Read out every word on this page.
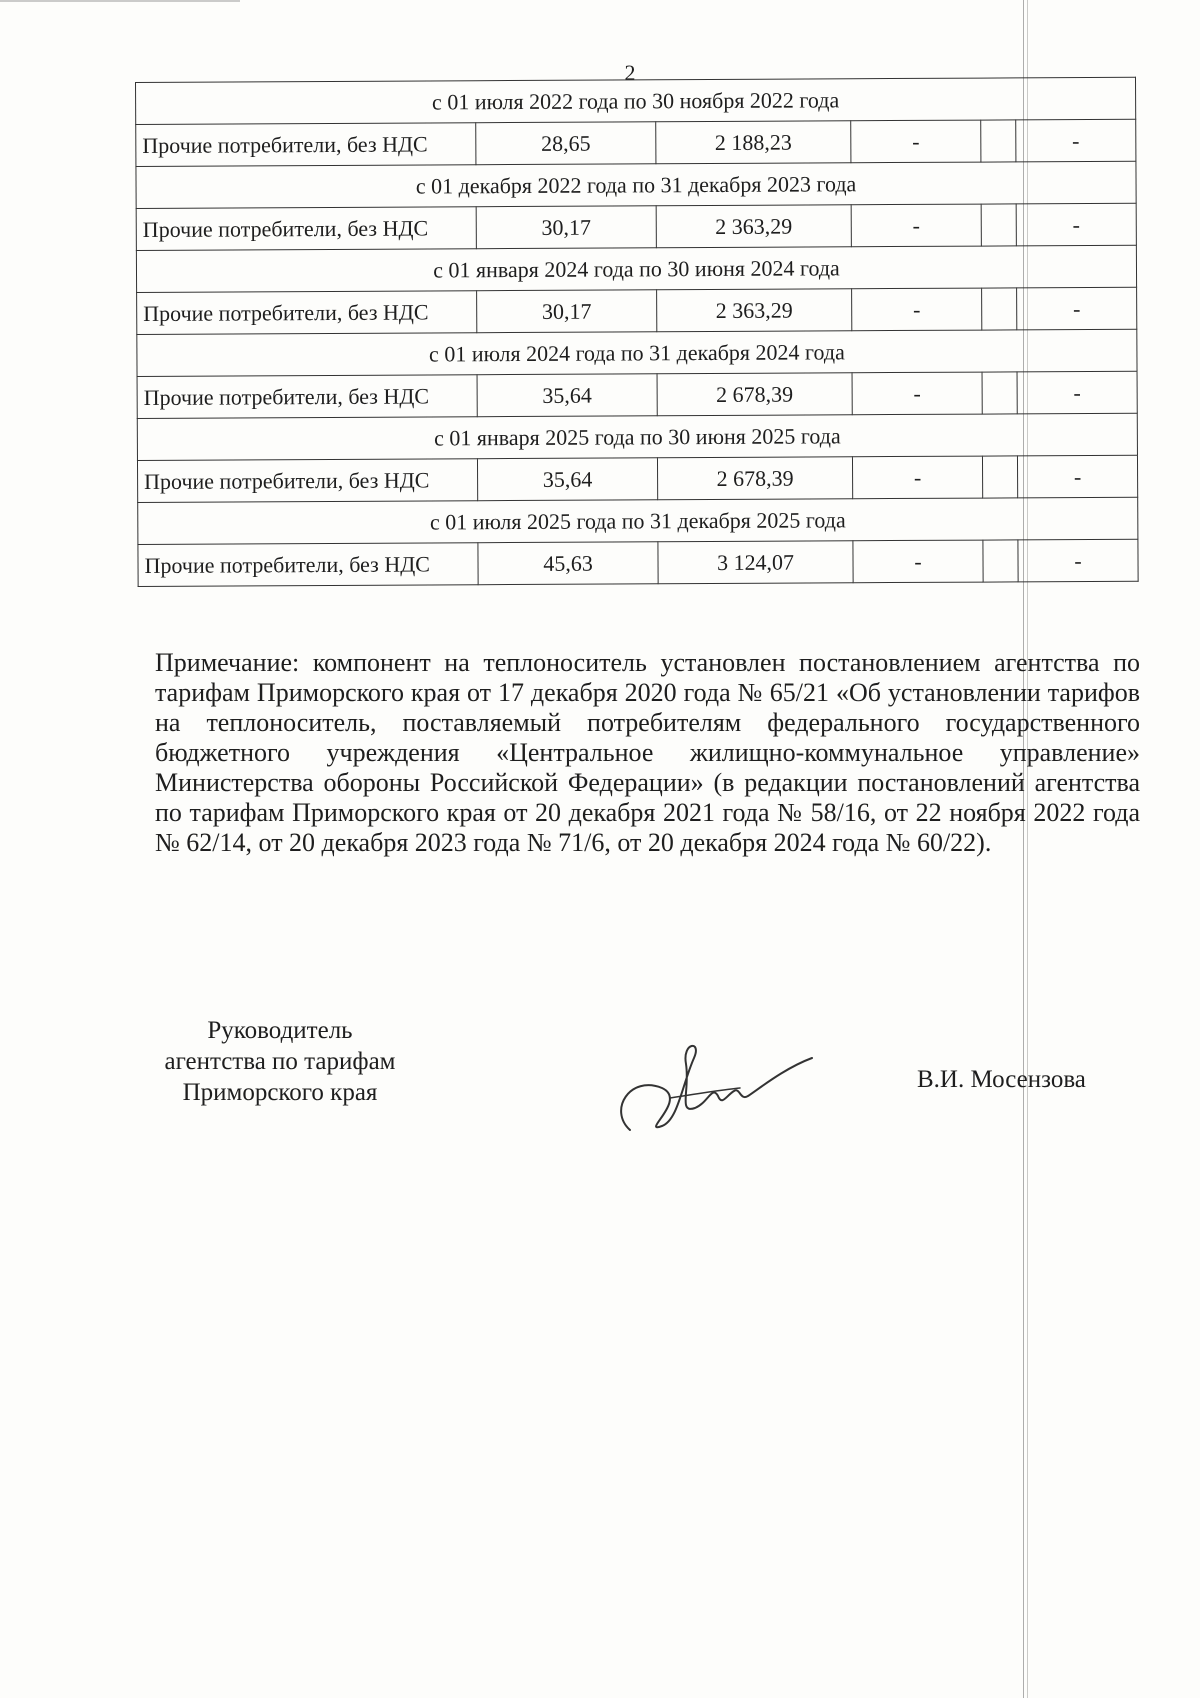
2
с 01 июля 2022 года по 30 ноября 2022 года					
Прочие потребители, без НДС	28,65	2 188,23	-		-
с 01 декабря 2022 года по 31 декабря 2023 года					
Прочие потребители, без НДС	30,17	2 363,29	-		-
с 01 января 2024 года по 30 июня 2024 года					
Прочие потребители, без НДС	30,17	2 363,29	-		-
с 01 июля 2024 года по 31 декабря 2024 года					
Прочие потребители, без НДС	35,64	2 678,39	-		-
с 01 января 2025 года по 30 июня 2025 года					
Прочие потребители, без НДС	35,64	2 678,39	-		-
с 01 июля 2025 года по 31 декабря 2025 года					
Прочие потребители, без НДС	45,63	3 124,07	-		-

Примечание: компонент на теплоноситель установлен постановлением агентства по тарифам Приморского края от 17 декабря 2020 года № 65/21 «Об установлении тарифов на теплоноситель, поставляемый потребителям федерального государственного бюджетного учреждения «Центральное жилищно-коммунальное управление» Министерства обороны Российской Федерации» (в редакции постановлений агентства по тарифам Приморского края от 20 декабря 2021 года № 58/16, от 22 ноября 2022 года № 62/14, от 20 декабря 2023 года № 71/6, от 20 декабря 2024 года № 60/22).

Руководитель
агентства по тарифам
Приморского края	В.И. Мосензова
